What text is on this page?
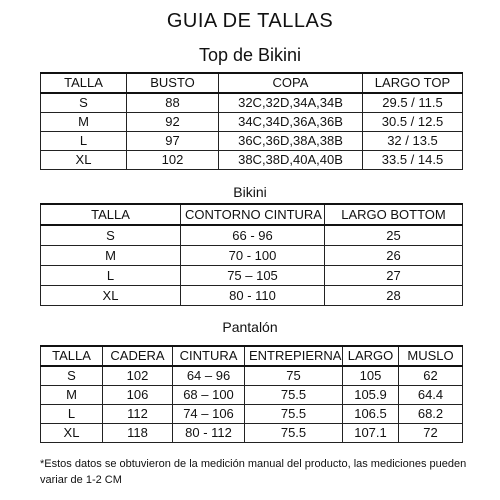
GUIA DE TALLAS
Top de Bikini
TALLA	BUSTO	COPA	LARGO TOP
S	88	32C,32D,34A,34B	29.5 / 11.5
M	92	34C,34D,36A,36B	30.5 / 12.5
L	97	36C,36D,38A,38B	32 / 13.5
XL	102	38C,38D,40A,40B	33.5 / 14.5
Bikini
TALLA	CONTORNO CINTURA	LARGO BOTTOM
S	66 - 96	25
M	70 - 100	26
L	75 – 105	27
XL	80 - 110	28
Pantalón
TALLA	CADERA	CINTURA	ENTREPIERNA	LARGO	MUSLO
S	102	64 – 96	75	105	62
M	106	68 – 100	75.5	105.9	64.4
L	112	74 – 106	75.5	106.5	68.2
XL	118	80 - 112	75.5	107.1	72
*Estos datos se obtuvieron de la medición manual del producto, las mediciones pueden variar de 1-2 CM
